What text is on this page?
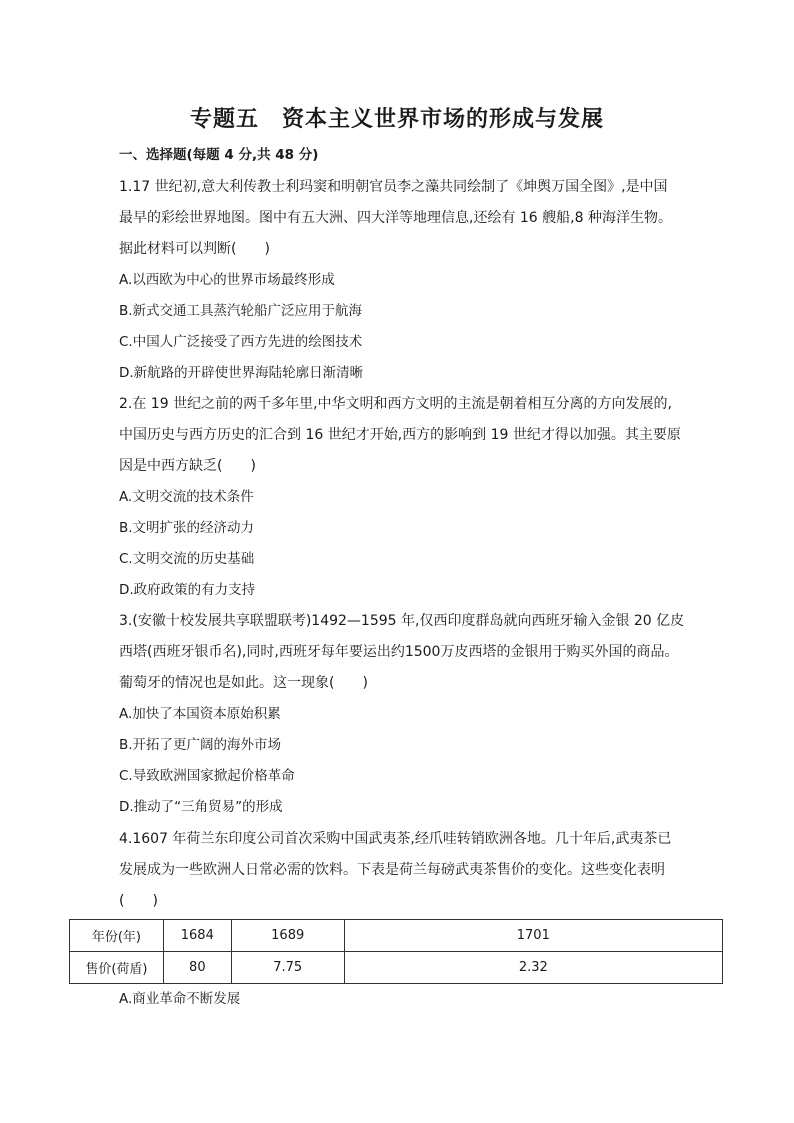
专题五　资本主义世界市场的形成与发展
一、选择题(每题 4 分,共 48 分)
1.17 世纪初,意大利传教士利玛窦和明朝官员李之藻共同绘制了《坤舆万国全图》,是中国
最早的彩绘世界地图。图中有五大洲、四大洋等地理信息,还绘有 16 艘船,8 种海洋生物。
据此材料可以判断(　　)
A.以西欧为中心的世界市场最终形成
B.新式交通工具蒸汽轮船广泛应用于航海
C.中国人广泛接受了西方先进的绘图技术
D.新航路的开辟使世界海陆轮廓日渐清晰
2.在 19 世纪之前的两千多年里,中华文明和西方文明的主流是朝着相互分离的方向发展的,
中国历史与西方历史的汇合到 16 世纪才开始,西方的影响到 19 世纪才得以加强。其主要原
因是中西方缺乏(　　)
A.文明交流的技术条件
B.文明扩张的经济动力
C.文明交流的历史基础
D.政府政策的有力支持
3.(安徽十校发展共享联盟联考)1492—1595 年,仅西印度群岛就向西班牙输入金银 20 亿皮
西塔(西班牙银币名),同时,西班牙每年要运出约1500万皮西塔的金银用于购买外国的商品。
葡萄牙的情况也是如此。这一现象(　　)
A.加快了本国资本原始积累
B.开拓了更广阔的海外市场
C.导致欧洲国家掀起价格革命
D.推动了“三角贸易”的形成
4.1607 年荷兰东印度公司首次采购中国武夷茶,经爪哇转销欧洲各地。几十年后,武夷茶已
发展成为一些欧洲人日常必需的饮料。下表是荷兰每磅武夷茶售价的变化。这些变化表明
(　　)
年份(年)	1684	1689	1701
售价(荷盾)	80	7.75	2.32
A.商业革命不断发展
